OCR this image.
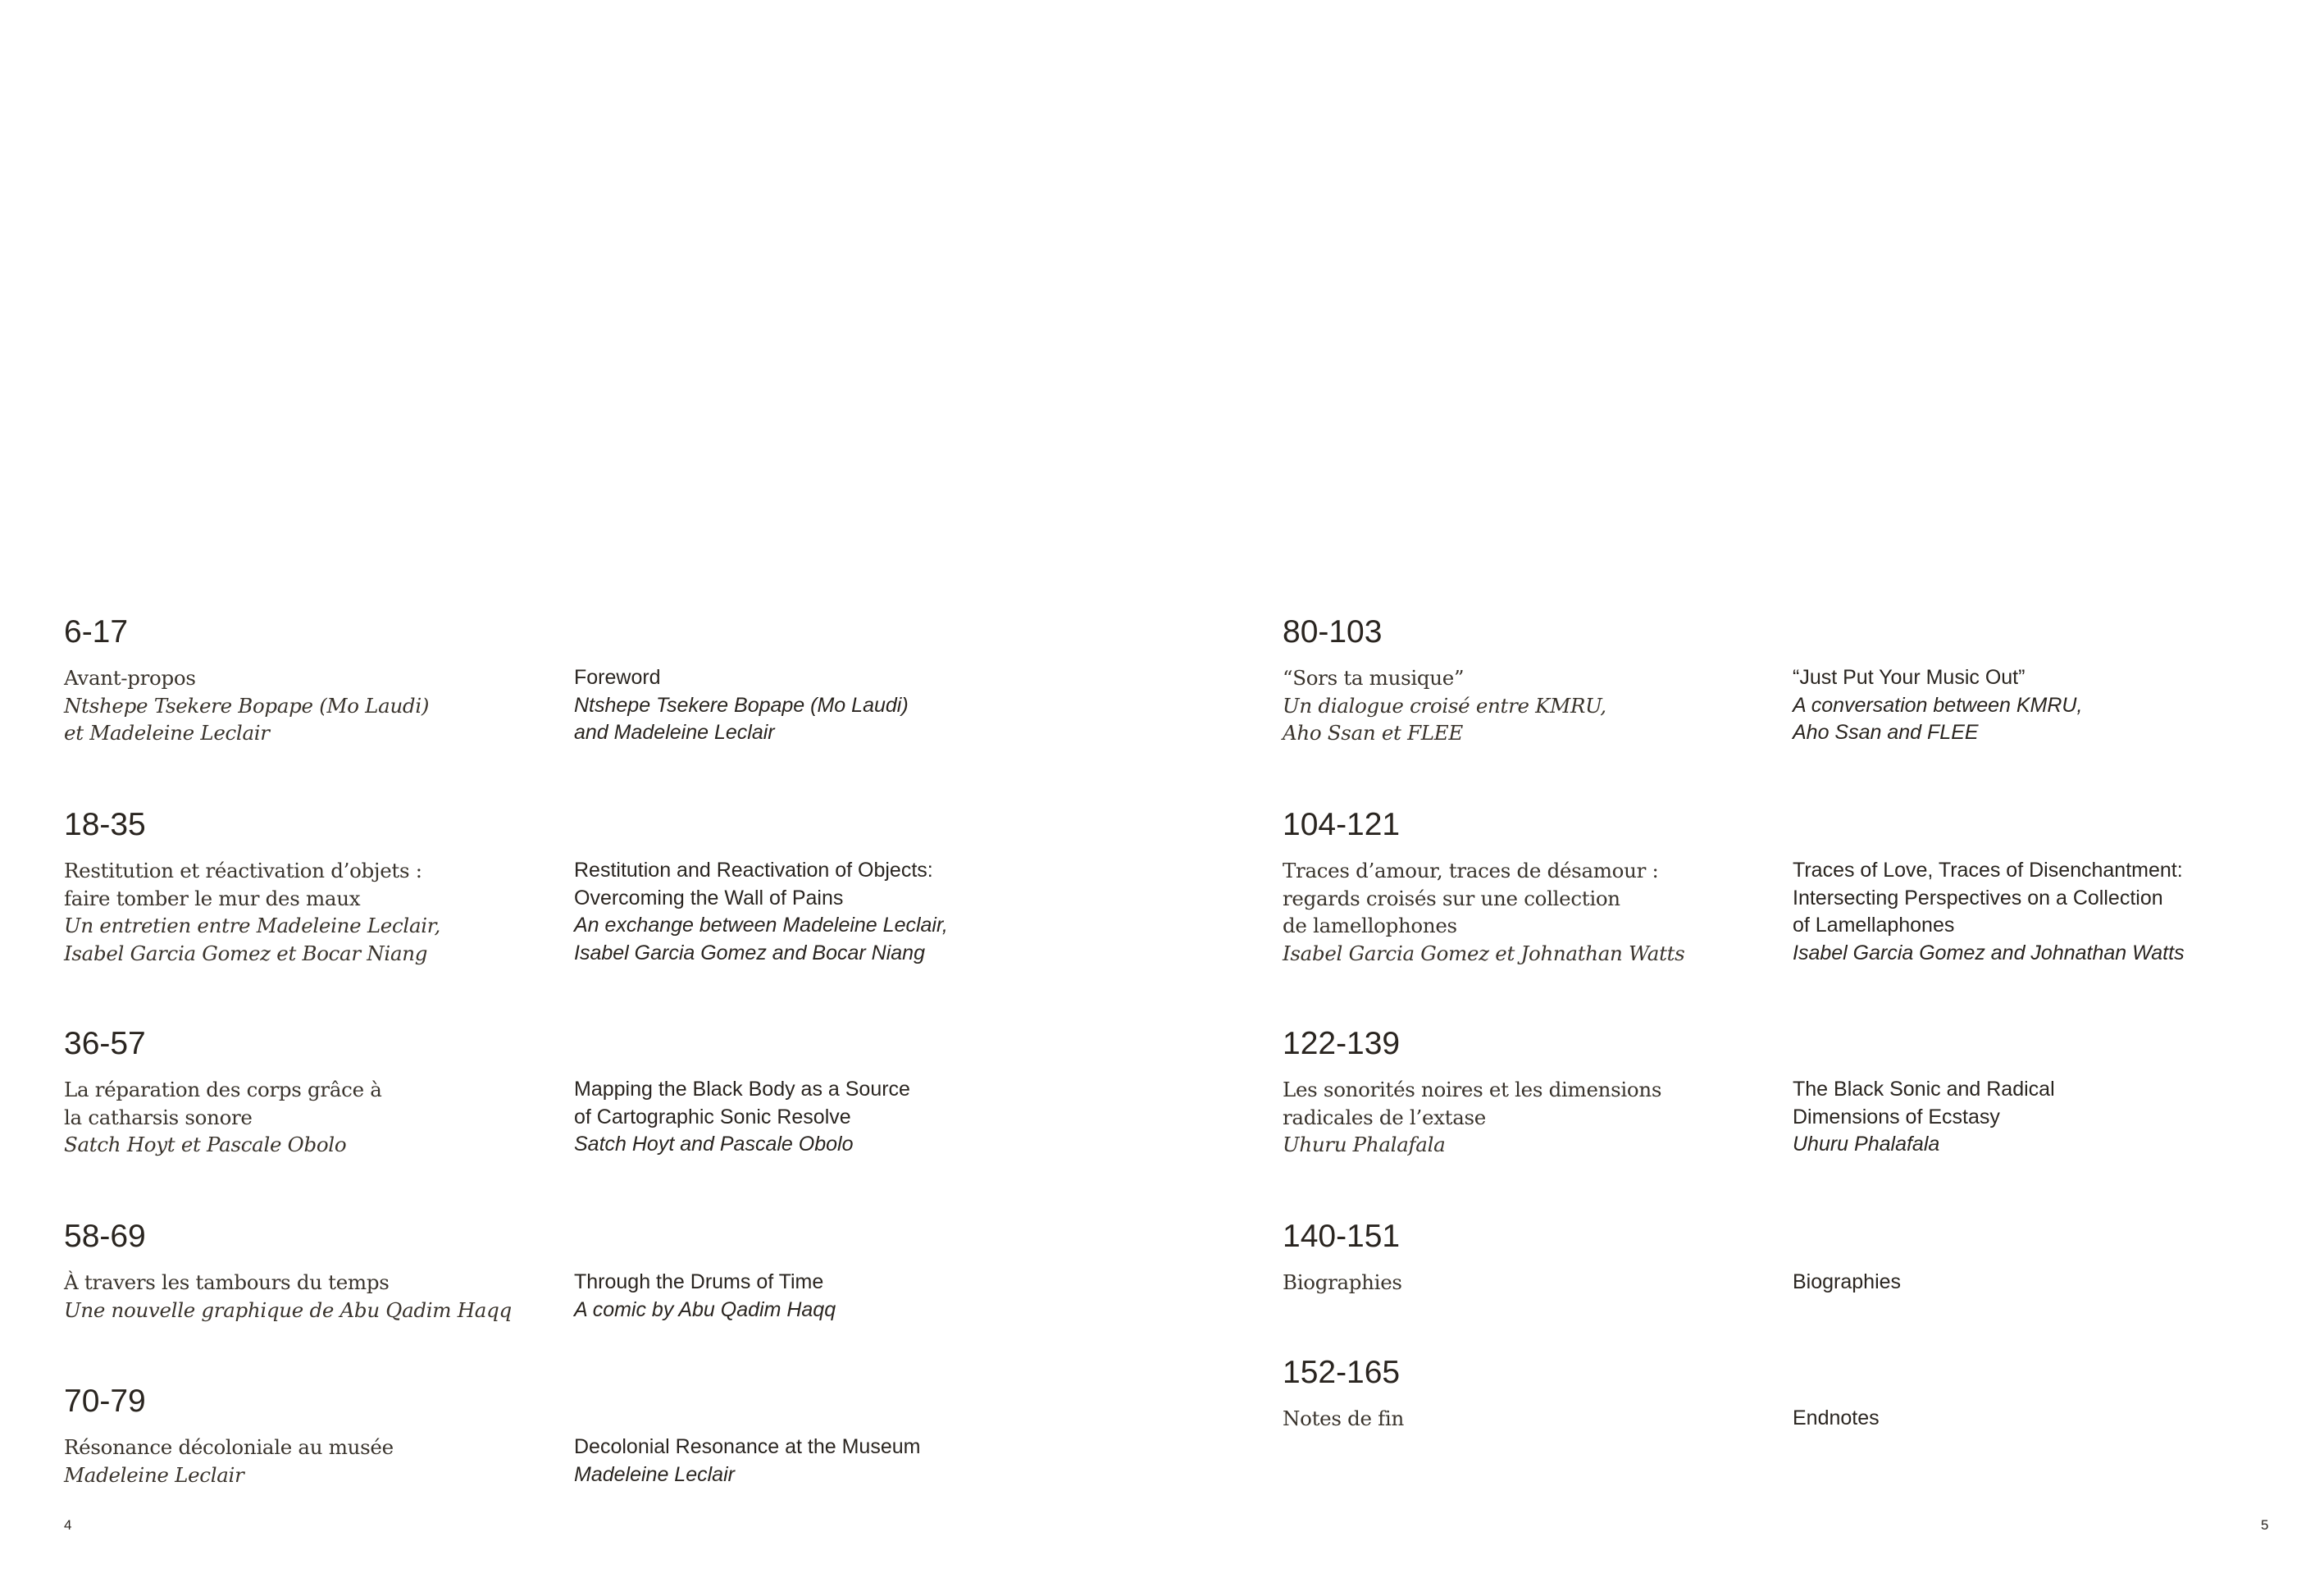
6-17
Avant-propos
Ntshepe Tsekere Bopape (Mo Laudi)
et Madeleine Leclair
Foreword
Ntshepe Tsekere Bopape (Mo Laudi)
and Madeleine Leclair
18-35
Restitution et réactivation d’objets :
faire tomber le mur des maux
Un entretien entre Madeleine Leclair,
Isabel Garcia Gomez et Bocar Niang
Restitution and Reactivation of Objects:
Overcoming the Wall of Pains
An exchange between Madeleine Leclair,
Isabel Garcia Gomez and Bocar Niang
36-57
La réparation des corps grâce à
la catharsis sonore
Satch Hoyt et Pascale Obolo
Mapping the Black Body as a Source
of Cartographic Sonic Resolve
Satch Hoyt and Pascale Obolo
58-69
À travers les tambours du temps
Une nouvelle graphique de Abu Qadim Haqq
Through the Drums of Time
A comic by Abu Qadim Haqq
70-79
Résonance décoloniale au musée
Madeleine Leclair
Decolonial Resonance at the Museum
Madeleine Leclair
4
80-103
“Sors ta musique”
Un dialogue croisé entre KMRU,
Aho Ssan et FLEE
“Just Put Your Music Out”
A conversation between KMRU,
Aho Ssan and FLEE
104-121
Traces d’amour, traces de désamour :
regards croisés sur une collection
de lamellophones
Isabel Garcia Gomez et Johnathan Watts
Traces of Love, Traces of Disenchantment:
Intersecting Perspectives on a Collection
of Lamellaphones
Isabel Garcia Gomez and Johnathan Watts
122-139
Les sonorités noires et les dimensions
radicales de l’extase
Uhuru Phalafala
The Black Sonic and Radical
Dimensions of Ecstasy
Uhuru Phalafala
140-151
Biographies	Biographies
152-165
Notes de fin	Endnotes
5
